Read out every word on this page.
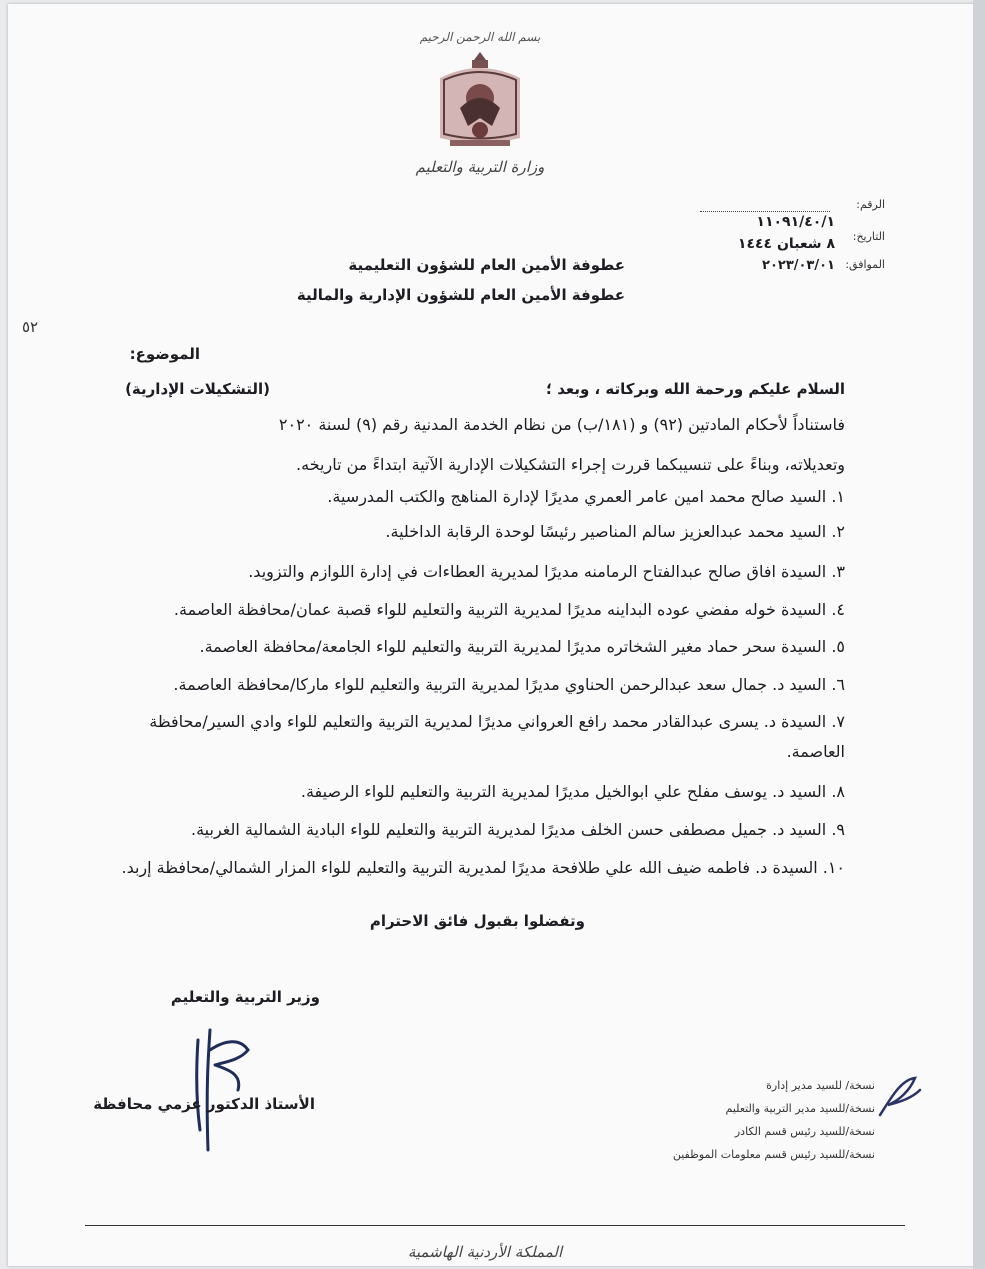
بسم الله الرحمن الرحيم
وزارة التربية والتعليم
الرقم:
١١٠٩١/٤٠/١
التاريخ:
٨ شعبان ١٤٤٤
الموافق:
٢٠٢٣/٠٣/٠١
عطوفة الأمين العام للشؤون التعليمية
عطوفة الأمين العام للشؤون الإدارية والمالية
٥٢
الموضوع:
(التشكيلات الإدارية)	السلام عليكم ورحمة الله وبركاته ، وبعد ؛
فاستناداً لأحكام المادتين (٩٢) و (١٨١/ب) من نظام الخدمة المدنية رقم (٩) لسنة ٢٠٢٠
وتعديلاته، وبناءً على تنسيبكما قررت إجراء التشكيلات الإدارية الآتية ابتداءً من تاريخه.
١. السيد صالح محمد امين عامر العمري مديرًا لإدارة المناهج والكتب المدرسية.
٢. السيد محمد عبدالعزيز سالم المناصير رئيسًا لوحدة الرقابة الداخلية.
٣. السيدة افاق صالح عبدالفتاح الرمامنه مديرًا لمديرية العطاءات في إدارة اللوازم والتزويد.
٤. السيدة خوله مفضي عوده البداينه مديرًا لمديرية التربية والتعليم للواء قصبة عمان/محافظة العاصمة.
٥. السيدة سحر حماد مغير الشخاتره مديرًا لمديرية التربية والتعليم للواء الجامعة/محافظة العاصمة.
٦. السيد د. جمال سعد عبدالرحمن الحناوي مديرًا لمديرية التربية والتعليم للواء ماركا/محافظة العاصمة.
٧. السيدة د. يسرى عبدالقادر محمد رافع العرواني مديرًا لمديرية التربية والتعليم للواء وادي السير/محافظة
العاصمة.
٨. السيد د. يوسف مفلح علي ابوالخيل مديرًا لمديرية التربية والتعليم للواء الرصيفة.
٩. السيد د. جميل مصطفى حسن الخلف مديرًا لمديرية التربية والتعليم للواء البادية الشمالية الغربية.
١٠. السيدة د. فاطمه ضيف الله علي طلافحة مديرًا لمديرية التربية والتعليم للواء المزار الشمالي/محافظة إربد.
وتفضلوا بقبول فائق الاحترام
وزير التربية والتعليم
الأستاذ الدكتور عزمي محافظة
نسخة/ للسيد مدير إدارة
نسخة/للسيد مدير التربية والتعليم
نسخة/للسيد رئيس قسم الكادر
نسخة/للسيد رئيس قسم معلومات الموظفين
المملكة الأردنية الهاشمية
